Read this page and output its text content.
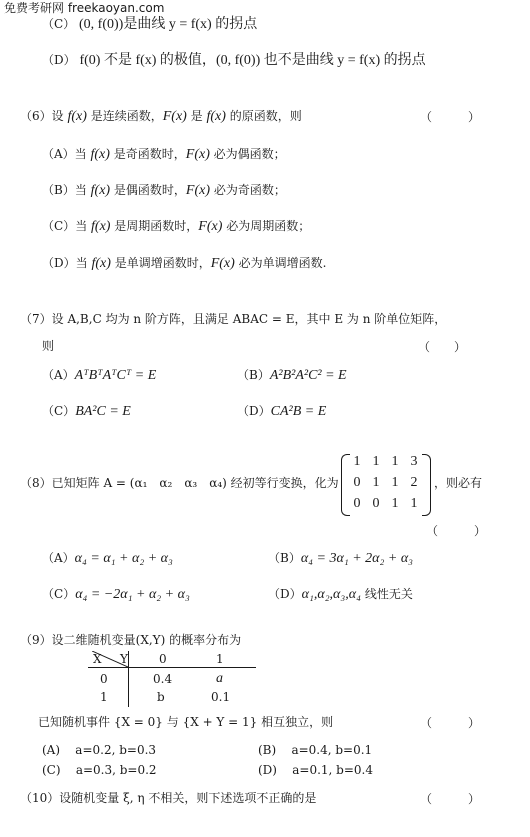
免费考研网 freekaoyan.com
（C） (0, f(0))是曲线 y = f(x) 的拐点
（D） f(0) 不是 f(x) 的极值，(0, f(0)) 也不是曲线 y = f(x) 的拐点
（6）设 f(x) 是连续函数，F(x) 是 f(x) 的原函数，则	（　　　）
（A）当 f(x) 是奇函数时，F(x) 必为偶函数；
（B）当 f(x) 是偶函数时，F(x) 必为奇函数；
（C）当 f(x) 是周期函数时，F(x) 必为周期函数；
（D）当 f(x) 是单调增函数时，F(x) 必为单调增函数.
（7）设 A,B,C 均为 n 阶方阵，且满足 ABAC = E，其中 E 为 n 阶单位矩阵，
则	（　　）
（A）AᵀBᵀAᵀCᵀ = E	（B）A²B²A²C² = E
（C）BA²C = E	（D）CA²B = E
（8）已知矩阵 A = (α₁　α₂　α₃　α₄) 经初等行变换，化为
1 1 1 3
0 1 1 2
0 0 1 1
，则必有
（　　　）
（A）α₄ = α₁ + α₂ + α₃	（B）α₄ = 3α₁ + 2α₂ + α₃
（C）α₄ = −2α₁ + α₂ + α₃	（D）α₁,α₂,α₃,α₄ 线性无关
（9）设二维随机变量(X,Y) 的概率分布为
X Y	0	1
0	0.4	a
1	b	0.1
已知随机事件 {X = 0} 与 {X + Y = 1} 相互独立，则	（　　　）
(A) a=0.2, b=0.3	(B) a=0.4, b=0.1
(C) a=0.3, b=0.2	(D) a=0.1, b=0.4
（10）设随机变量 ξ, η 不相关，则下述选项不正确的是	（　　　）
